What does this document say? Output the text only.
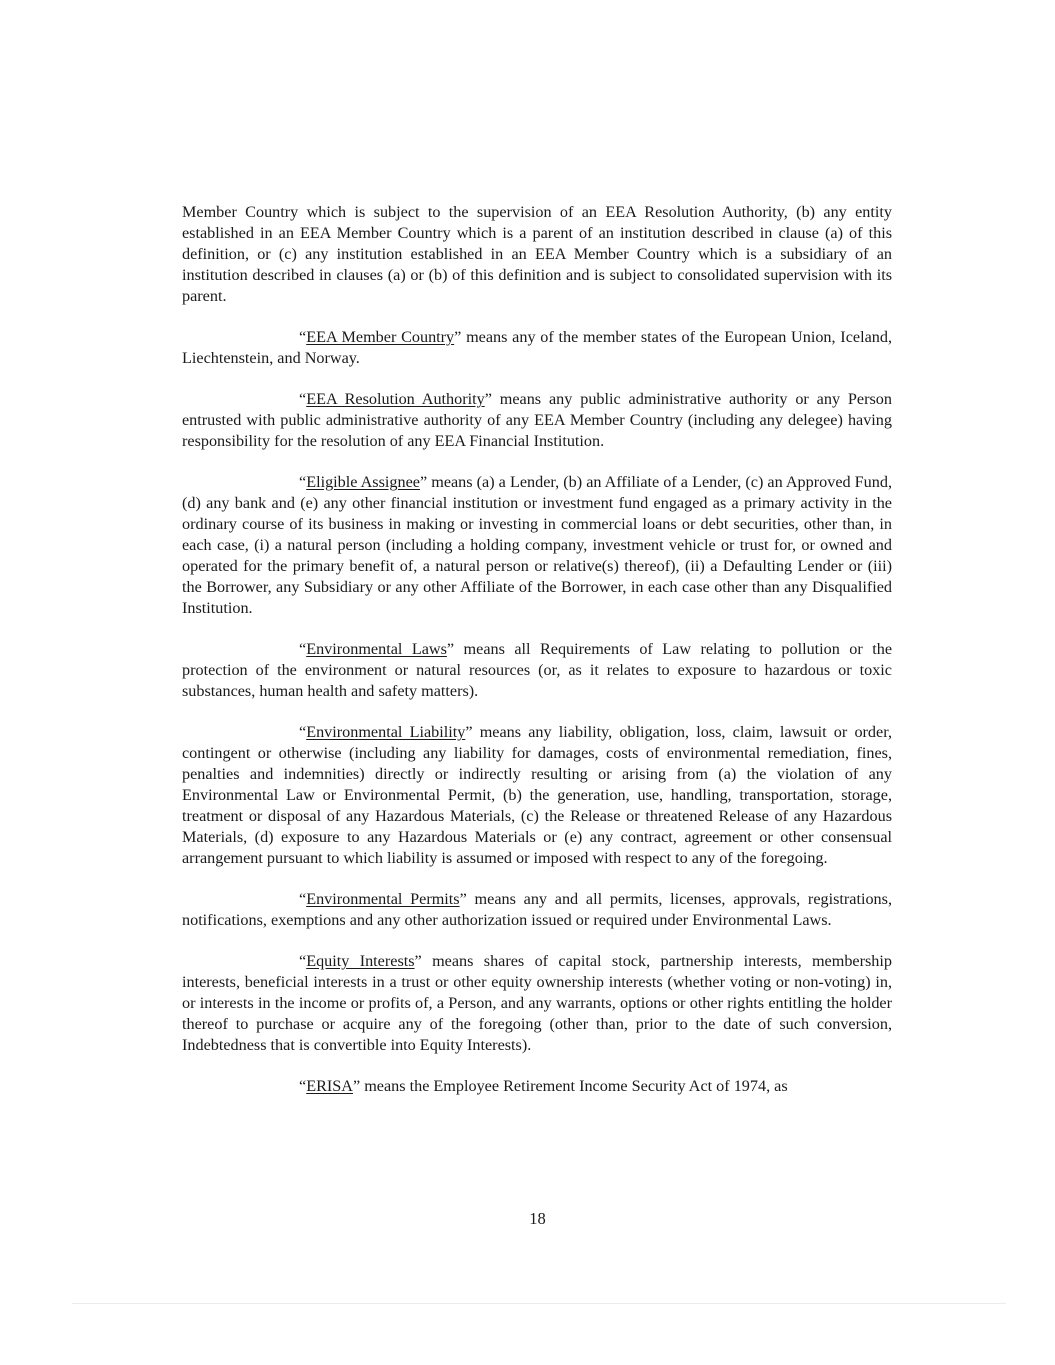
Member Country which is subject to the supervision of an EEA Resolution Authority, (b) any entity established in an EEA Member Country which is a parent of an institution described in clause (a) of this definition, or (c) any institution established in an EEA Member Country which is a subsidiary of an institution described in clauses (a) or (b) of this definition and is subject to consolidated supervision with its parent.

“EEA Member Country” means any of the member states of the European Union, Iceland, Liechtenstein, and Norway.

“EEA Resolution Authority” means any public administrative authority or any Person entrusted with public administrative authority of any EEA Member Country (including any delegee) having responsibility for the resolution of any EEA Financial Institution.

“Eligible Assignee” means (a) a Lender, (b) an Affiliate of a Lender, (c) an Approved Fund, (d) any bank and (e) any other financial institution or investment fund engaged as a primary activity in the ordinary course of its business in making or investing in commercial loans or debt securities, other than, in each case, (i) a natural person (including a holding company, investment vehicle or trust for, or owned and operated for the primary benefit of, a natural person or relative(s) thereof), (ii) a Defaulting Lender or (iii) the Borrower, any Subsidiary or any other Affiliate of the Borrower, in each case other than any Disqualified Institution.

“Environmental Laws” means all Requirements of Law relating to pollution or the protection of the environment or natural resources (or, as it relates to exposure to hazardous or toxic substances, human health and safety matters).

“Environmental Liability” means any liability, obligation, loss, claim, lawsuit or order, contingent or otherwise (including any liability for damages, costs of environmental remediation, fines, penalties and indemnities) directly or indirectly resulting or arising from (a) the violation of any Environmental Law or Environmental Permit, (b) the generation, use, handling, transportation, storage, treatment or disposal of any Hazardous Materials, (c) the Release or threatened Release of any Hazardous Materials, (d) exposure to any Hazardous Materials or (e) any contract, agreement or other consensual arrangement pursuant to which liability is assumed or imposed with respect to any of the foregoing.

“Environmental Permits” means any and all permits, licenses, approvals, registrations, notifications, exemptions and any other authorization issued or required under Environmental Laws.

“Equity Interests” means shares of capital stock, partnership interests, membership interests, beneficial interests in a trust or other equity ownership interests (whether voting or non-voting) in, or interests in the income or profits of, a Person, and any warrants, options or other rights entitling the holder thereof to purchase or acquire any of the foregoing (other than, prior to the date of such conversion, Indebtedness that is convertible into Equity Interests).

“ERISA” means the Employee Retirement Income Security Act of 1974, as

18
